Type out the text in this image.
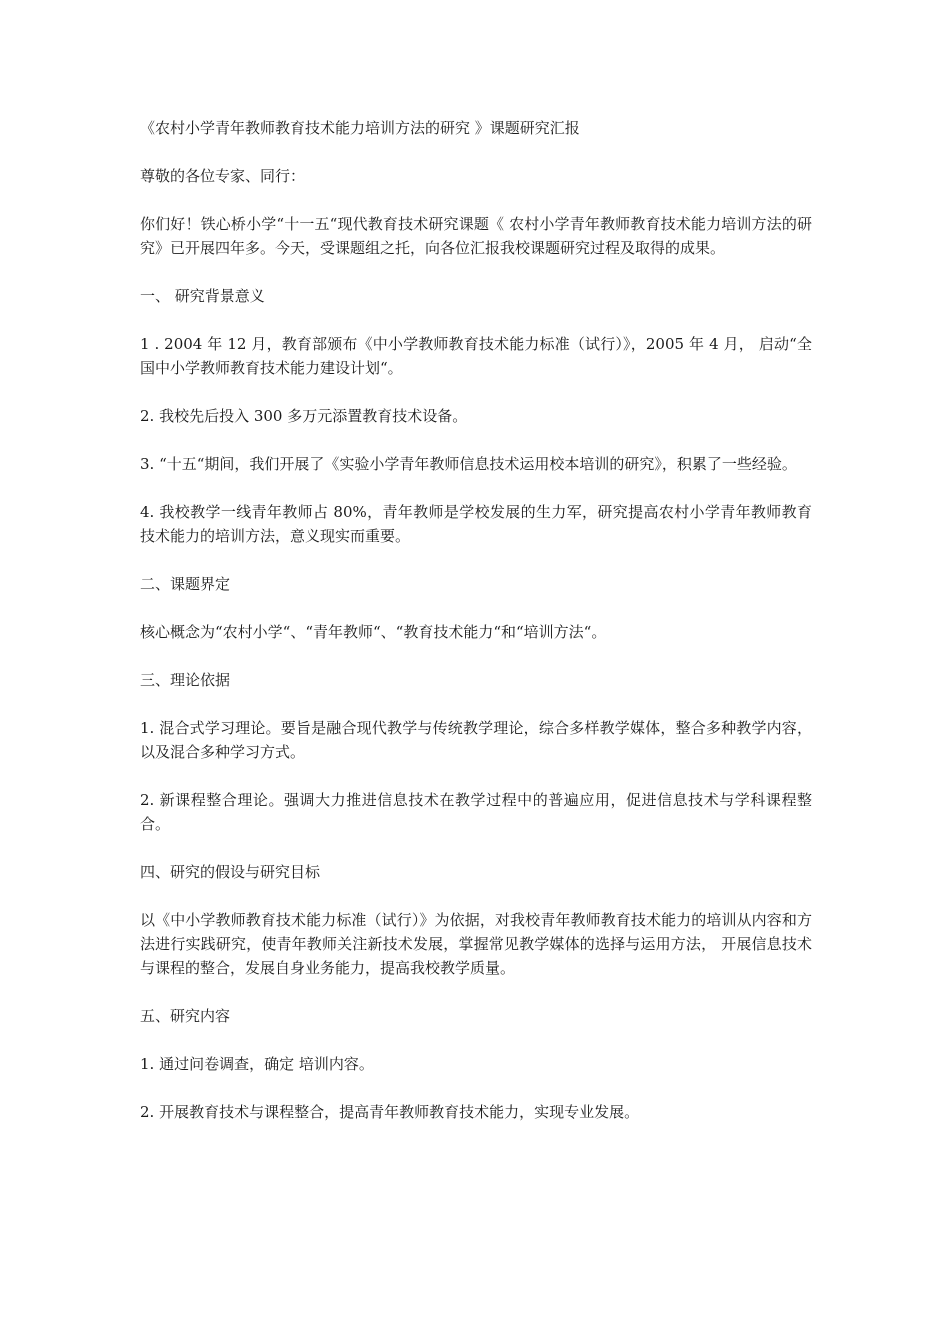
《农村小学青年教师教育技术能力培训方法的研究 》课题研究汇报

尊敬的各位专家、同行：

你们好！铁心桥小学“十一五“现代教育技术研究课题《 农村小学青年教师教育技术能力培训方法的研究》已开展四年多。今天，受课题组之托，向各位汇报我校课题研究过程及取得的成果。

一、 研究背景意义

1 . 2004 年 12 月，教育部颁布《中小学教师教育技术能力标准（试行）》，2005 年 4 月， 启动“全国中小学教师教育技术能力建设计划“。

2. 我校先后投入 300 多万元添置教育技术设备。

3. “十五“期间，我们开展了《实验小学青年教师信息技术运用校本培训的研究》，积累了一些经验。

4. 我校教学一线青年教师占 80%，青年教师是学校发展的生力军，研究提高农村小学青年教师教育技术能力的培训方法，意义现实而重要。

二、课题界定

核心概念为“农村小学“、“青年教师“、“教育技术能力“和“培训方法“。

三、理论依据

1. 混合式学习理论。要旨是融合现代教学与传统教学理论，综合多样教学媒体，整合多种教学内容，以及混合多种学习方式。

2. 新课程整合理论。强调大力推进信息技术在教学过程中的普遍应用，促进信息技术与学科课程整合。

四、研究的假设与研究目标

以《中小学教师教育技术能力标准（试行）》为依据，对我校青年教师教育技术能力的培训从内容和方法进行实践研究，使青年教师关注新技术发展，掌握常见教学媒体的选择与运用方法， 开展信息技术与课程的整合，发展自身业务能力，提高我校教学质量。

五、研究内容

1. 通过问卷调查，确定 培训内容。

2. 开展教育技术与课程整合，提高青年教师教育技术能力，实现专业发展。
